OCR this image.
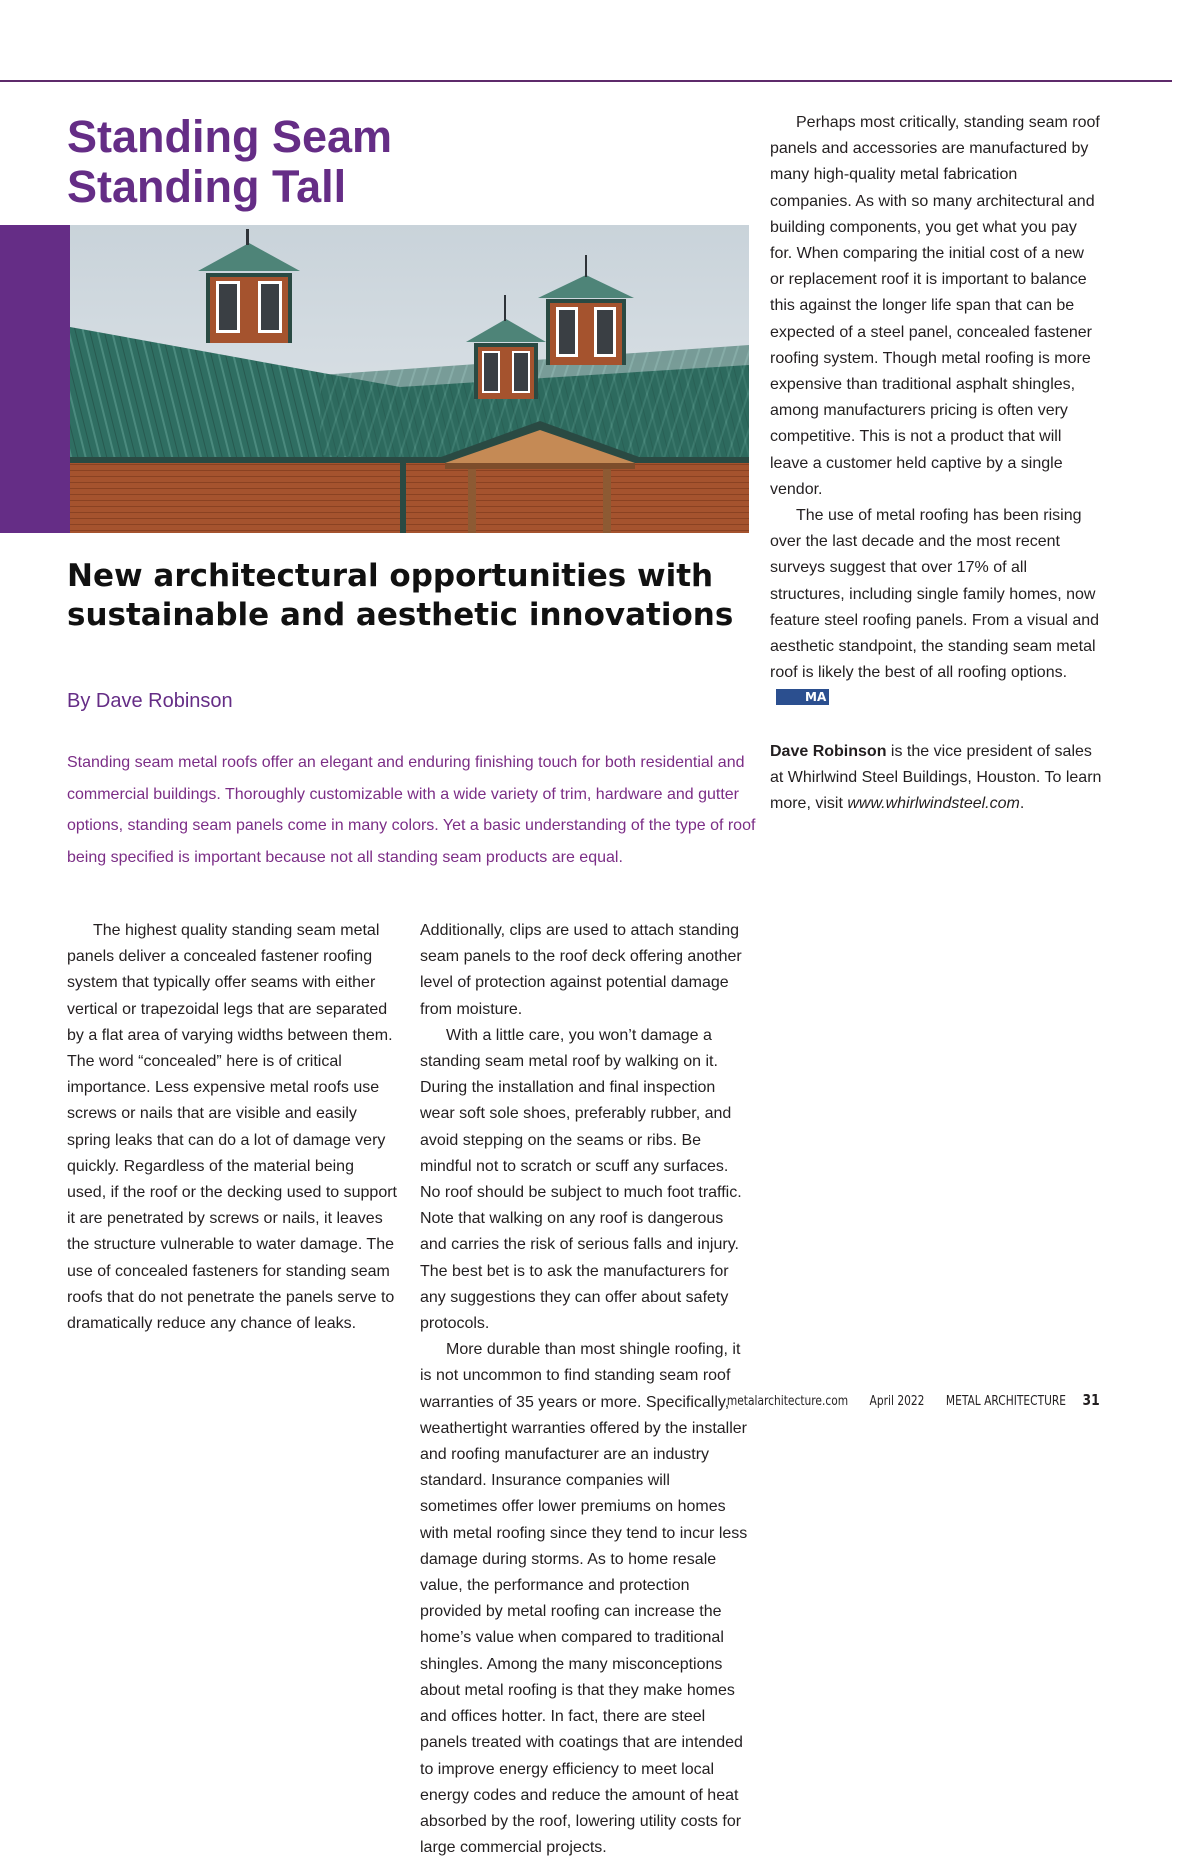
Standing Seam
Standing Tall
New architectural opportunities with sustainable and aesthetic innovations

By Dave Robinson

Standing seam metal roofs offer an elegant and enduring finishing touch for both residential and commercial buildings. Thoroughly customizable with a wide variety of trim, hardware and gutter options, standing seam panels come in many colors. Yet a basic understanding of the type of roof being specified is important because not all standing seam products are equal.

The highest quality standing seam metal panels deliver a concealed fastener roofing system that typically offer seams with either vertical or trapezoidal legs that are separated by a flat area of varying widths between them. The word “concealed” here is of critical importance. Less expensive metal roofs use screws or nails that are visible and easily spring leaks that can do a lot of damage very quickly. Regardless of the material being used, if the roof or the decking used to support it are penetrated by screws or nails, it leaves the structure vulnerable to water damage. The use of concealed fasteners for standing seam roofs that do not penetrate the panels serve to dramatically reduce any chance of leaks.

Additionally, clips are used to attach standing seam panels to the roof deck offering another level of protection against potential damage from moisture.

With a little care, you won’t damage a standing seam metal roof by walking on it. During the installation and final inspection wear soft sole shoes, preferably rubber, and avoid stepping on the seams or ribs. Be mindful not to scratch or scuff any surfaces. No roof should be subject to much foot traffic. Note that walking on any roof is dangerous and carries the risk of serious falls and injury. The best bet is to ask the manufacturers for any suggestions they can offer about safety protocols.

More durable than most shingle roofing, it is not uncommon to find standing seam roof warranties of 35 years or more. Specifically, weathertight warranties offered by the installer and roofing manufacturer are an industry standard. Insurance companies will sometimes offer lower premiums on homes with metal roofing since they tend to incur less damage during storms. As to home resale value, the performance and protection provided by metal roofing can increase the home’s value when compared to traditional shingles. Among the many misconceptions about metal roofing is that they make homes and offices hotter. In fact, there are steel panels treated with coatings that are intended to improve energy efficiency to meet local energy codes and reduce the amount of heat absorbed by the roof, lowering utility costs for large commercial projects.

Perhaps most critically, standing seam roof panels and accessories are manufactured by many high-quality metal fabrication companies. As with so many architectural and building components, you get what you pay for. When comparing the initial cost of a new or replacement roof it is important to balance this against the longer life span that can be expected of a steel panel, concealed fastener roofing system. Though metal roofing is more expensive than traditional asphalt shingles, among manufacturers pricing is often very competitive. This is not a product that will leave a customer held captive by a single vendor.

The use of metal roofing has been rising over the last decade and the most recent surveys suggest that over 17% of all structures, including single family homes, now feature steel roofing panels. From a visual and aesthetic standpoint, the standing seam metal roof is likely the best of all roofing options.MA

Dave Robinson is the vice president of sales at Whirlwind Steel Buildings, Houston. To learn more, visit www.whirlwindsteel.com.

metalarchitecture.com April 2022 METAL ARCHITECTURE 31
